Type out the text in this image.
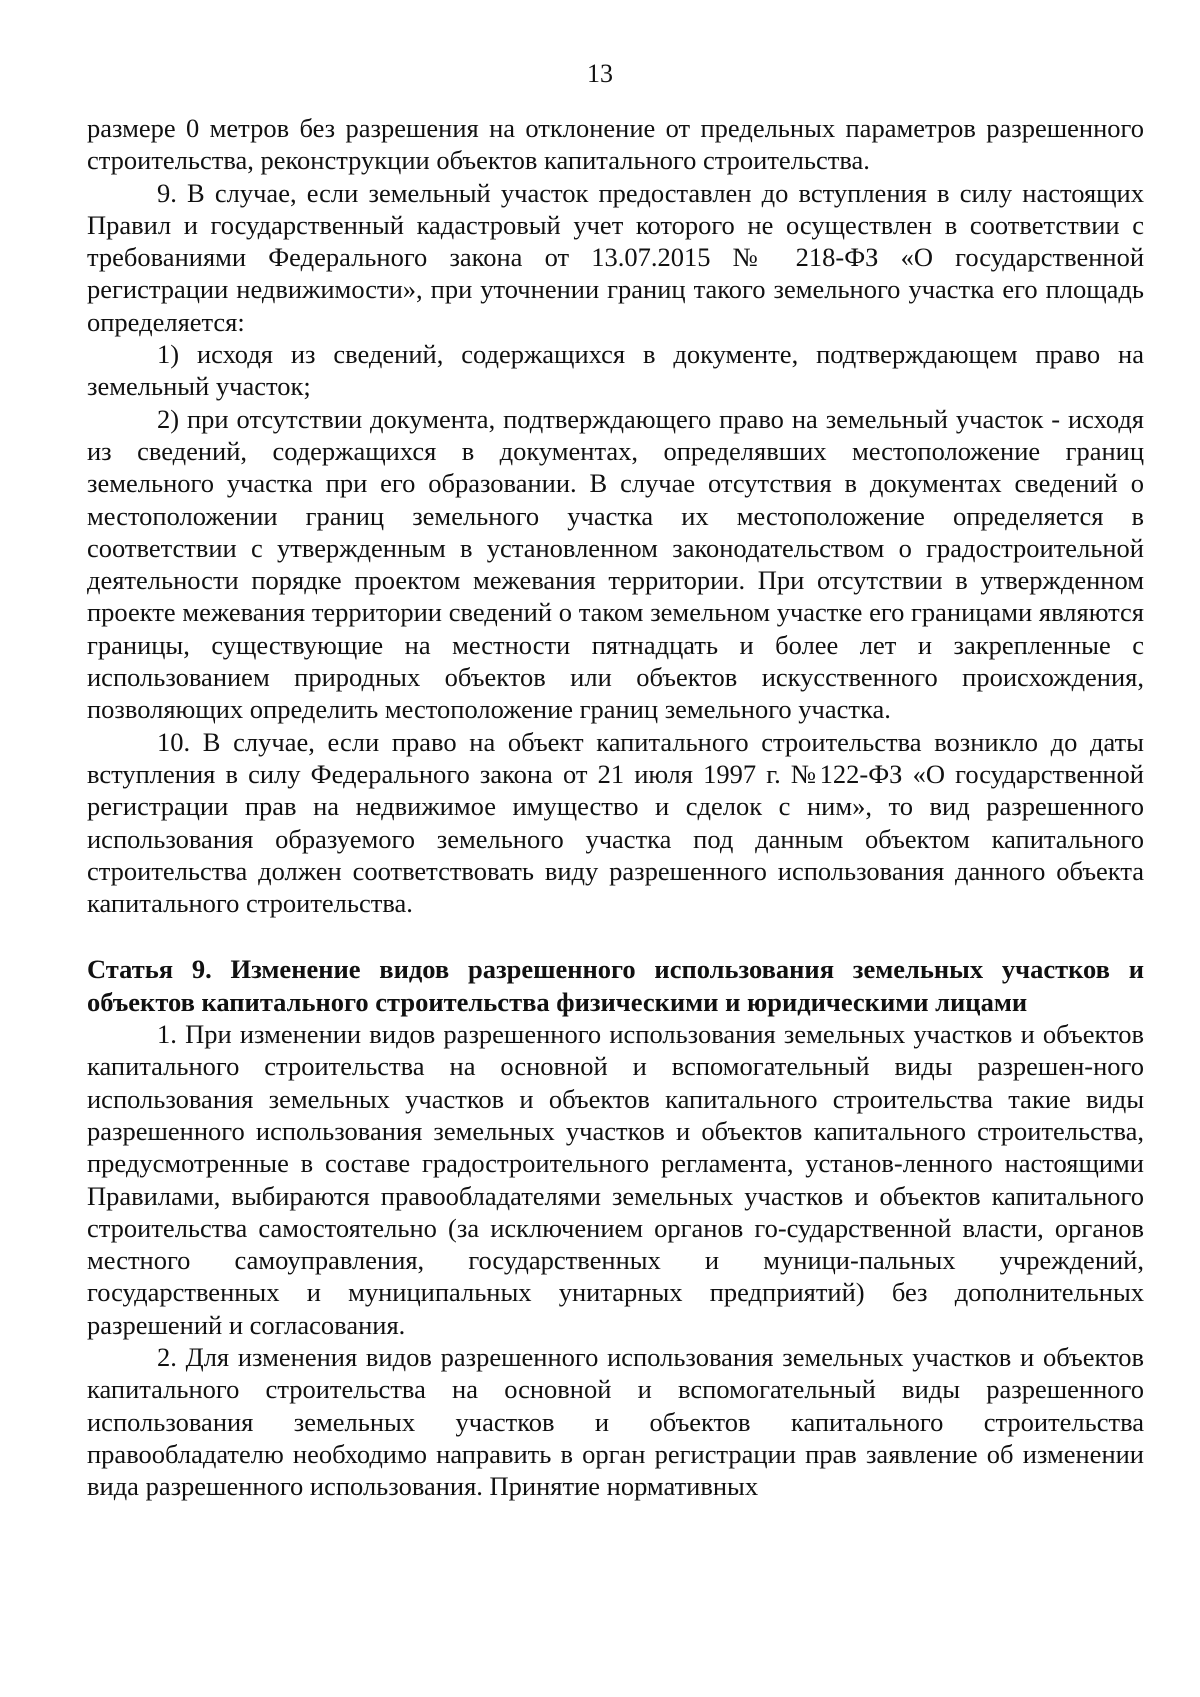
13

размере 0 метров без разрешения на отклонение от предельных параметров разрешенного строительства, реконструкции объектов капитального строительства.

9. В случае, если земельный участок предоставлен до вступления в силу настоящих Правил и государственный кадастровый учет которого не осуществлен в соответствии с требованиями Федерального закона от 13.07.2015 № 218-ФЗ «О государственной регистрации недвижимости», при уточнении границ такого земельного участка его площадь определяется:

1) исходя из сведений, содержащихся в документе, подтверждающем право на земельный участок;

2) при отсутствии документа, подтверждающего право на земельный участок - исходя из сведений, содержащихся в документах, определявших местоположение границ земельного участка при его образовании. В случае отсутствия в документах сведений о местоположении границ земельного участка их местоположение определяется в соответствии с утвержденным в установленном законодательством о градостроительной деятельности порядке проектом межевания территории. При отсутствии в утвержденном проекте межевания территории сведений о таком земельном участке его границами являются границы, существующие на местности пятнадцать и более лет и закрепленные с использованием природных объектов или объектов искусственного происхождения, позволяющих определить местоположение границ земельного участка.

10. В случае, если право на объект капитального строительства возникло до даты вступления в силу Федерального закона от 21 июля 1997 г. №122-ФЗ «О государственной регистрации прав на недвижимое имущество и сделок с ним», то вид разрешенного использования образуемого земельного участка под данным объектом капитального строительства должен соответствовать виду разрешенного использования данного объекта капитального строительства.

Статья 9. Изменение видов разрешенного использования земельных участков и объектов капитального строительства физическими и юридическими лицами

1. При изменении видов разрешенного использования земельных участков и объектов капитального строительства на основной и вспомогательный виды разрешен-ного использования земельных участков и объектов капитального строительства такие виды разрешенного использования земельных участков и объектов капитального строительства, предусмотренные в составе градостроительного регламента, установ-ленного настоящими Правилами, выбираются правообладателями земельных участков и объектов капитального строительства самостоятельно (за исключением органов го-сударственной власти, органов местного самоуправления, государственных и муници-пальных учреждений, государственных и муниципальных унитарных предприятий) без дополнительных разрешений и согласования.

2. Для изменения видов разрешенного использования земельных участков и объектов капитального строительства на основной и вспомогательный виды разрешенного использования земельных участков и объектов капитального строительства правообладателю необходимо направить в орган регистрации прав заявление об изменении вида разрешенного использования. Принятие нормативных
